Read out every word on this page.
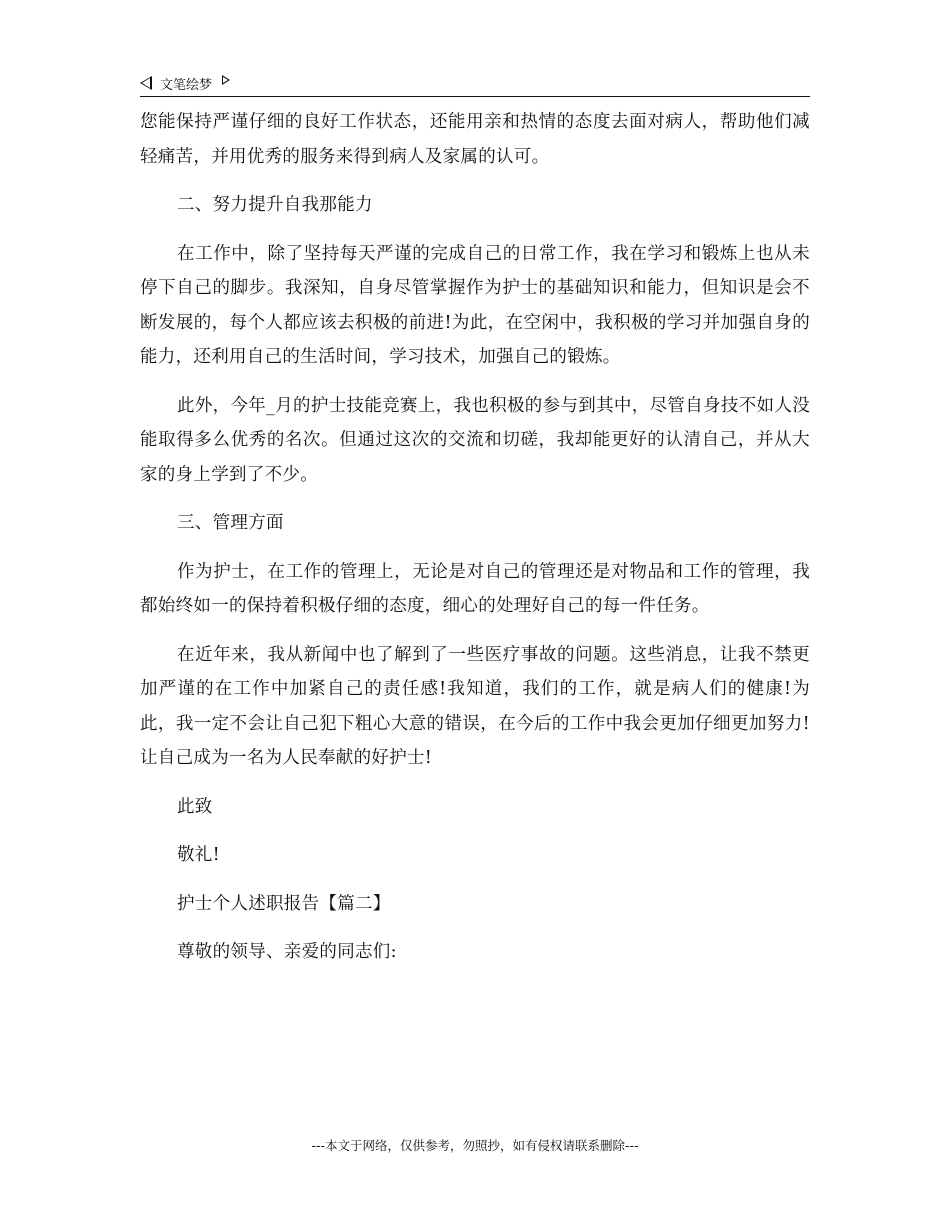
文笔绘梦

您能保持严谨仔细的良好工作状态，还能用亲和热情的态度去面对病人，帮助他们减轻痛苦，并用优秀的服务来得到病人及家属的认可。

二、努力提升自我那能力

在工作中，除了坚持每天严谨的完成自己的日常工作，我在学习和锻炼上也从未停下自己的脚步。我深知，自身尽管掌握作为护士的基础知识和能力，但知识是会不断发展的，每个人都应该去积极的前进!为此，在空闲中，我积极的学习并加强自身的能力，还利用自己的生活时间，学习技术，加强自己的锻炼。

此外，今年_月的护士技能竞赛上，我也积极的参与到其中，尽管自身技不如人没能取得多么优秀的名次。但通过这次的交流和切磋，我却能更好的认清自己，并从大家的身上学到了不少。

三、管理方面

作为护士，在工作的管理上，无论是对自己的管理还是对物品和工作的管理，我都始终如一的保持着积极仔细的态度，细心的处理好自己的每一件任务。

在近年来，我从新闻中也了解到了一些医疗事故的问题。这些消息，让我不禁更加严谨的在工作中加紧自己的责任感!我知道，我们的工作，就是病人们的健康!为此，我一定不会让自己犯下粗心大意的错误，在今后的工作中我会更加仔细更加努力!让自己成为一名为人民奉献的好护士!

此致

敬礼!

护士个人述职报告【篇二】

尊敬的领导、亲爱的同志们:

---本文于网络，仅供参考，勿照抄，如有侵权请联系删除---
